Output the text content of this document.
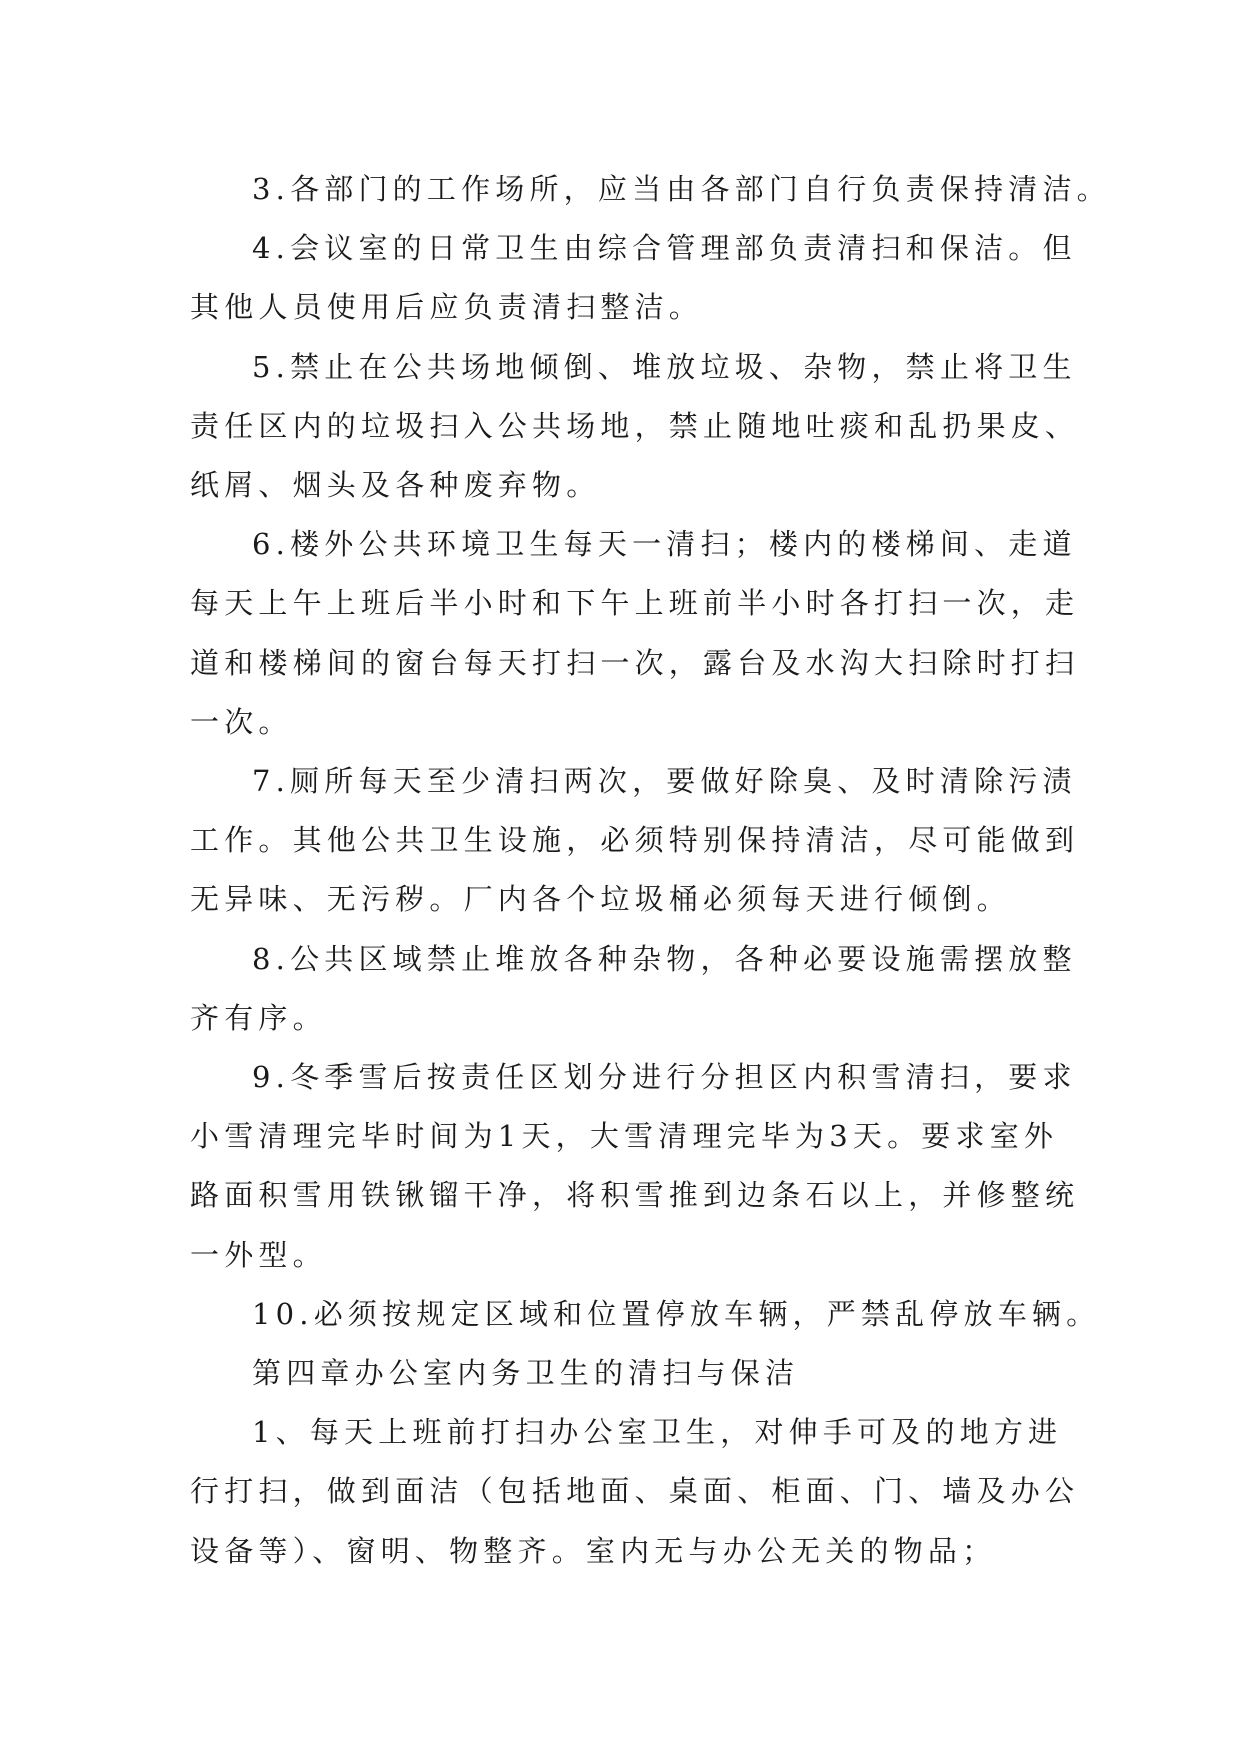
3.各部门的工作场所，应当由各部门自行负责保持清洁。
4.会议室的日常卫生由综合管理部负责清扫和保洁。但
其他人员使用后应负责清扫整洁。
5.禁止在公共场地倾倒、堆放垃圾、杂物，禁止将卫生
责任区内的垃圾扫入公共场地，禁止随地吐痰和乱扔果皮、
纸屑、烟头及各种废弃物。
6.楼外公共环境卫生每天一清扫；楼内的楼梯间、走道
每天上午上班后半小时和下午上班前半小时各打扫一次，走
道和楼梯间的窗台每天打扫一次，露台及水沟大扫除时打扫
一次。
7.厕所每天至少清扫两次，要做好除臭、及时清除污渍
工作。其他公共卫生设施，必须特别保持清洁，尽可能做到
无异味、无污秽。厂内各个垃圾桶必须每天进行倾倒。
8.公共区域禁止堆放各种杂物，各种必要设施需摆放整
齐有序。
9.冬季雪后按责任区划分进行分担区内积雪清扫，要求
小雪清理完毕时间为1天，大雪清理完毕为3天。要求室外
路面积雪用铁锹镏干净，将积雪推到边条石以上，并修整统
一外型。
10.必须按规定区域和位置停放车辆，严禁乱停放车辆。
第四章办公室内务卫生的清扫与保洁
1、每天上班前打扫办公室卫生，对伸手可及的地方进
行打扫，做到面洁（包括地面、桌面、柜面、门、墙及办公
设备等）、窗明、物整齐。室内无与办公无关的物品；
